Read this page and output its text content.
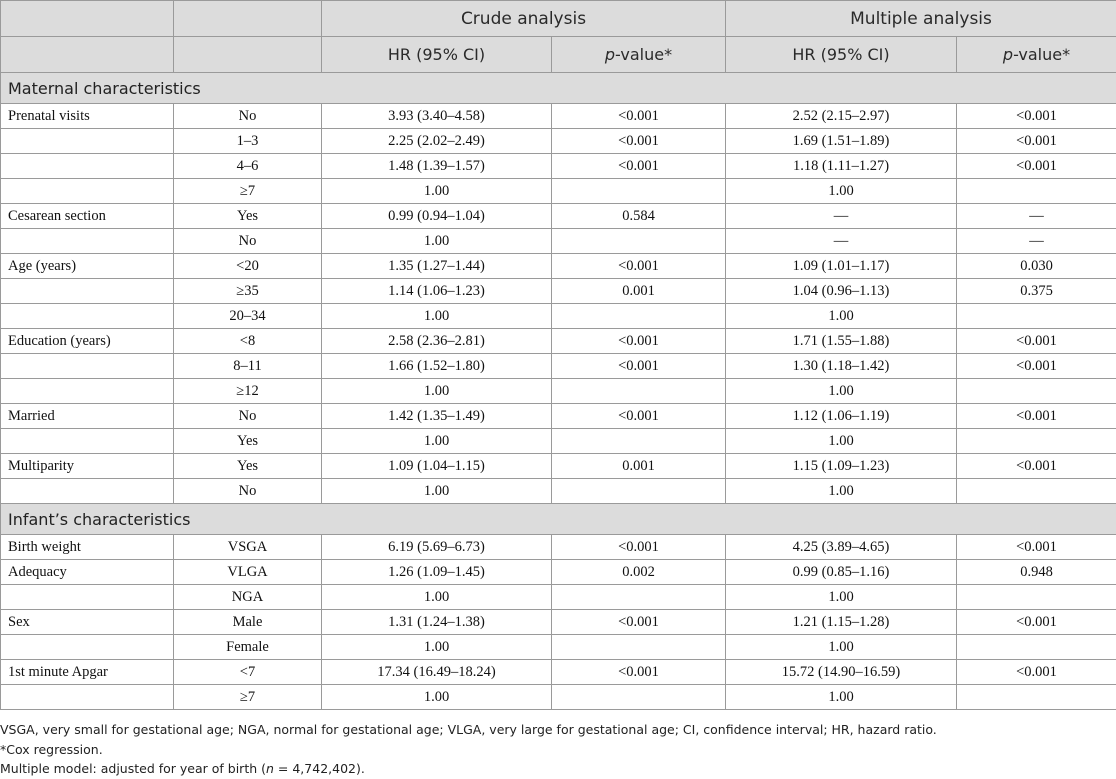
		Crude analysis		Multiple analysis	
		HR (95% CI)	p-value*	HR (95% CI)	p-value*
Maternal characteristics					
Prenatal visits	No	3.93 (3.40–4.58)	<0.001	2.52 (2.15–2.97)	<0.001
	1–3	2.25 (2.02–2.49)	<0.001	1.69 (1.51–1.89)	<0.001
	4–6	1.48 (1.39–1.57)	<0.001	1.18 (1.11–1.27)	<0.001
	≥7	1.00		1.00	
Cesarean section	Yes	0.99 (0.94–1.04)	0.584	—	—
	No	1.00		—	—
Age (years)	<20	1.35 (1.27–1.44)	<0.001	1.09 (1.01–1.17)	0.030
	≥35	1.14 (1.06–1.23)	0.001	1.04 (0.96–1.13)	0.375
	20–34	1.00		1.00	
Education (years)	<8	2.58 (2.36–2.81)	<0.001	1.71 (1.55–1.88)	<0.001
	8–11	1.66 (1.52–1.80)	<0.001	1.30 (1.18–1.42)	<0.001
	≥12	1.00		1.00	
Married	No	1.42 (1.35–1.49)	<0.001	1.12 (1.06–1.19)	<0.001
	Yes	1.00		1.00	
Multiparity	Yes	1.09 (1.04–1.15)	0.001	1.15 (1.09–1.23)	<0.001
	No	1.00		1.00	
Infant’s characteristics					
Birth weight	VSGA	6.19 (5.69–6.73)	<0.001	4.25 (3.89–4.65)	<0.001
Adequacy	VLGA	1.26 (1.09–1.45)	0.002	0.99 (0.85–1.16)	0.948
	NGA	1.00		1.00	
Sex	Male	1.31 (1.24–1.38)	<0.001	1.21 (1.15–1.28)	<0.001
	Female	1.00		1.00	
1st minute Apgar	<7	17.34 (16.49–18.24)	<0.001	15.72 (14.90–16.59)	<0.001
	≥7	1.00		1.00	

VSGA, very small for gestational age; NGA, normal for gestational age; VLGA, very large for gestational age; CI, confidence interval; HR, hazard ratio.

*Cox regression.

Multiple model: adjusted for year of birth (n = 4,742,402).
